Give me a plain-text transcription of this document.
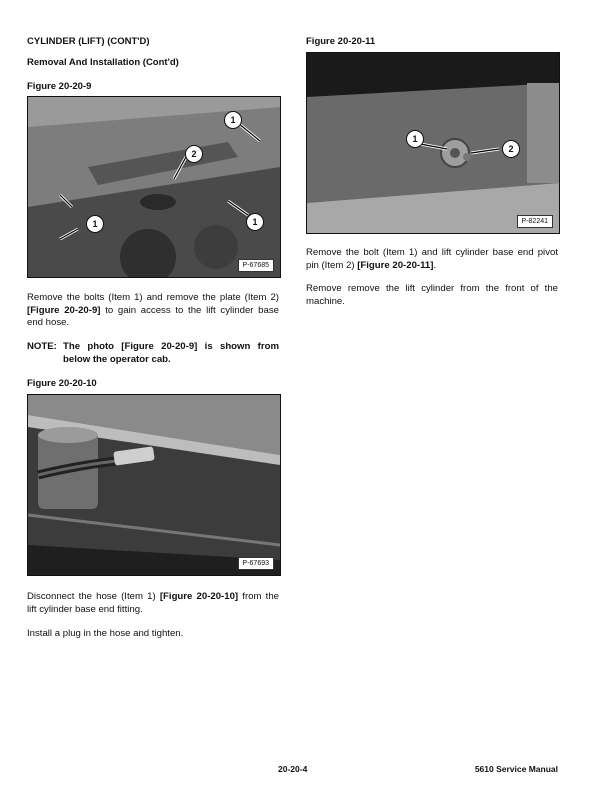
CYLINDER (LIFT) (CONT'D)
Removal And Installation (Cont'd)
Figure 20-20-9
1
2
1	1
P-67685
Remove the bolts (Item 1) and remove the plate (Item 2) [Figure 20-20-9] to gain access to the lift cylinder base end hose.
NOTE: The photo [Figure 20-20-9] is shown from below the operator cab.
Figure 20-20-10
P-67693
Disconnect the hose (Item 1) [Figure 20-20-10] from the lift cylinder base end fitting.
Install a plug in the hose and tighten.
Figure 20-20-11
1
2
P-82241
Remove the bolt (Item 1) and lift cylinder base end pivot pin (Item 2) [Figure 20-20-11].
Remove remove the lift cylinder from the front of the machine.
20-20-4	5610 Service Manual
